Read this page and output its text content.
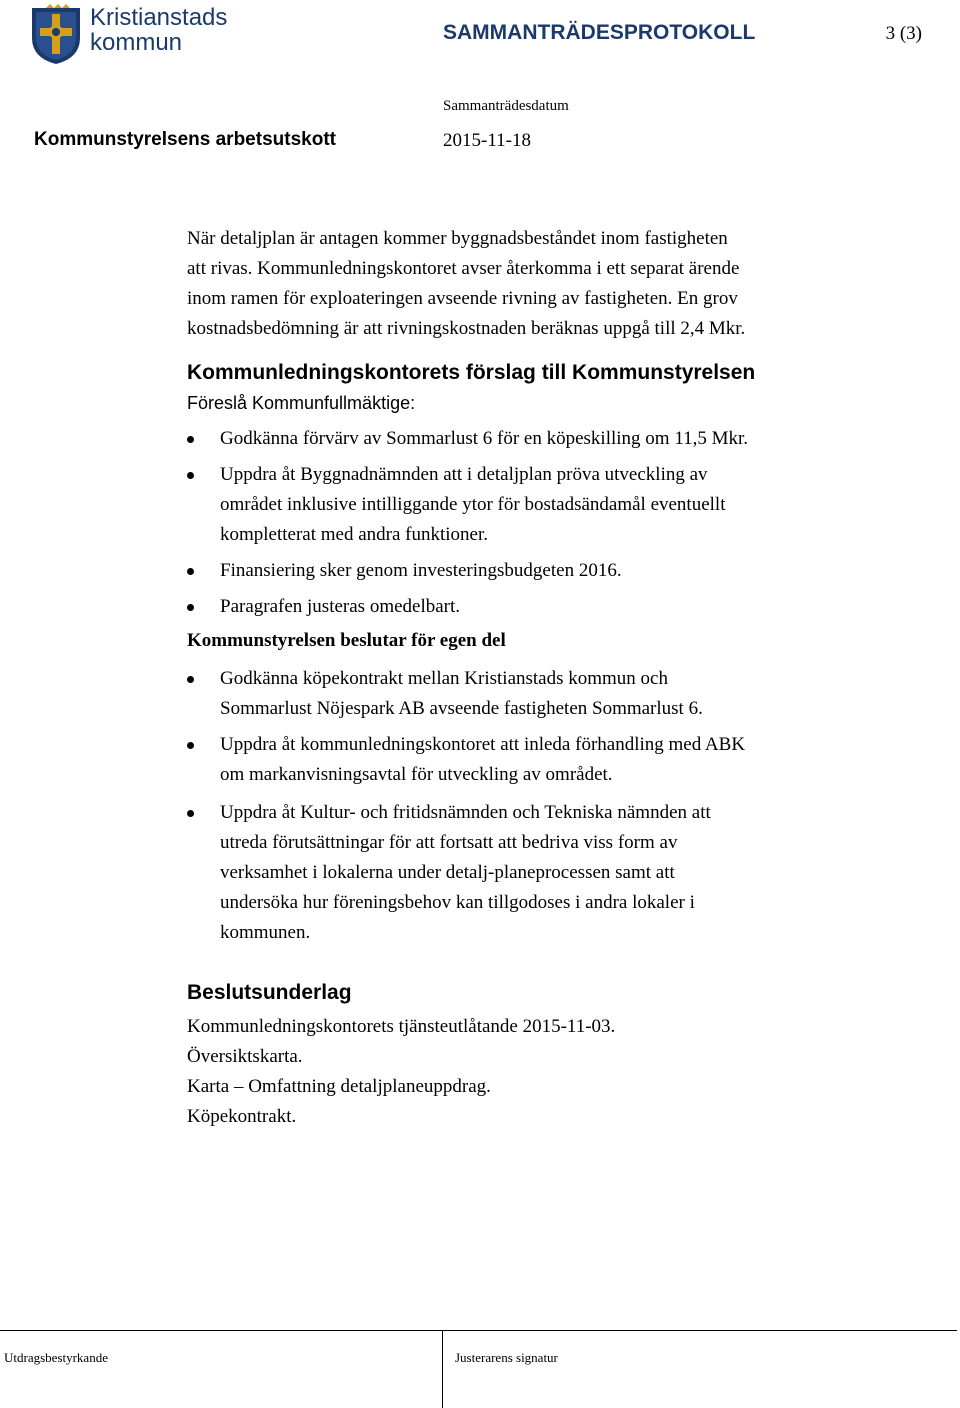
Kristianstads
kommun	SAMMANTRÄDESPROTOKOLL	3 (3)
Sammanträdesdatum
Kommunstyrelsens arbetsutskott	2015-11-18

När detaljplan är antagen kommer byggnadsbeståndet inom fastigheten

att rivas. Kommunledningskontoret avser återkomma i ett separat ärende

inom ramen för exploateringen avseende rivning av fastigheten. En grov

kostnadsbedömning är att rivningskostnaden beräknas uppgå till 2,4 Mkr.

Kommunledningskontorets förslag till Kommunstyrelsen

Föreslå Kommunfullmäktige:

Godkänna förvärv av Sommarlust 6 för en köpeskilling om 11,5 Mkr.

Uppdra åt Byggnadnämnden att i detaljplan pröva utveckling av

området inklusive intilliggande ytor för bostadsändamål eventuellt

kompletterat med andra funktioner.

Finansiering sker genom investeringsbudgeten 2016.

Paragrafen justeras omedelbart.

Kommunstyrelsen beslutar för egen del

Godkänna köpekontrakt mellan Kristianstads kommun och

Sommarlust Nöjespark AB avseende fastigheten Sommarlust 6.

Uppdra åt kommunledningskontoret att inleda förhandling med ABK

om markanvisningsavtal för utveckling av området.

Uppdra åt Kultur- och fritidsnämnden och Tekniska nämnden att

utreda förutsättningar för att fortsatt att bedriva viss form av

verksamhet i lokalerna under detalj-planeprocessen samt att

undersöka hur föreningsbehov kan tillgodoses i andra lokaler i

kommunen.

Beslutsunderlag

Kommunledningskontorets tjänsteutlåtande 2015-11-03.

Översiktskarta.

Karta – Omfattning detaljplaneuppdrag.

Köpekontrakt.

Utdragsbestyrkande	Justerarens signatur
